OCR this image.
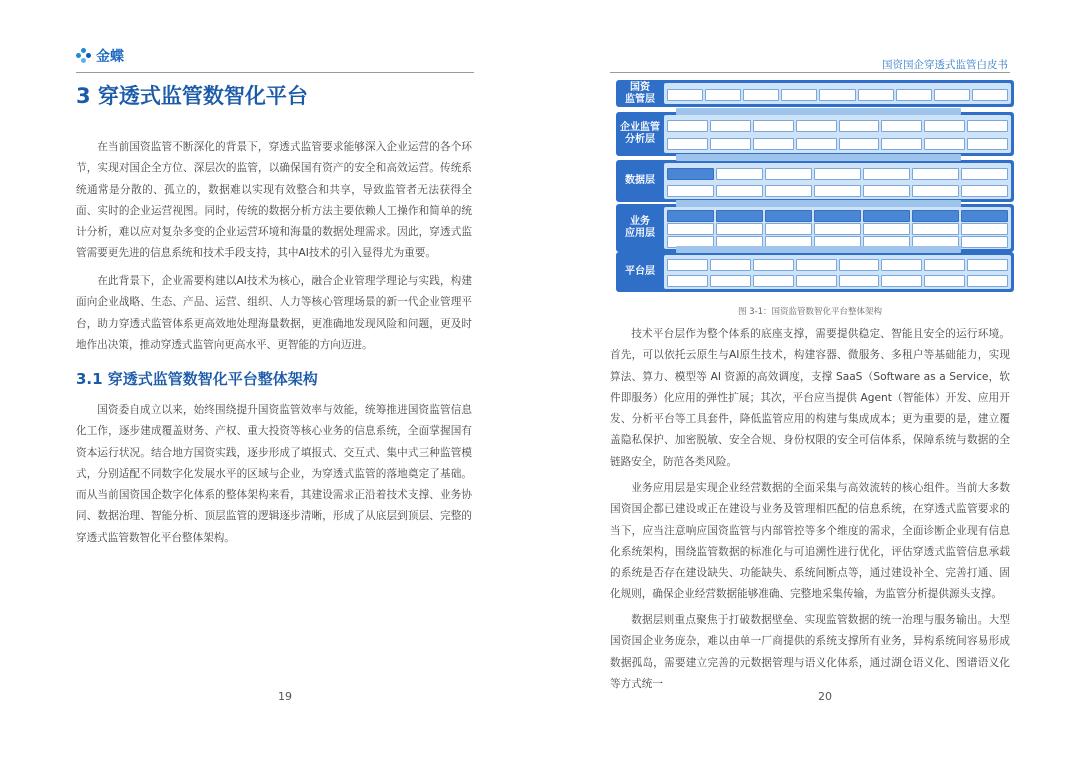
金蝶
3 穿透式监管数智化平台

在当前国资监管不断深化的背景下，穿透式监管要求能够深入企业运营的各个环节，实现对国企全方位、深层次的监管，以确保国有资产的安全和高效运营。传统系统通常是分散的、孤立的，数据难以实现有效整合和共享，导致监管者无法获得全面、实时的企业运营视图。同时，传统的数据分析方法主要依赖人工操作和简单的统计分析，难以应对复杂多变的企业运营环境和海量的数据处理需求。因此，穿透式监管需要更先进的信息系统和技术手段支持，其中AI技术的引入显得尤为重要。

在此背景下，企业需要构建以AI技术为核心，融合企业管理学理论与实践，构建面向企业战略、生态、产品、运营、组织、人力等核心管理场景的新一代企业管理平台，助力穿透式监管体系更高效地处理海量数据，更准确地发现风险和问题，更及时地作出决策，推动穿透式监管向更高水平、更智能的方向迈进。

3.1 穿透式监管数智化平台整体架构

国资委自成立以来，始终围绕提升国资监管效率与效能，统筹推进国资监管信息化工作，逐步建成覆盖财务、产权、重大投资等核心业务的信息系统，全面掌握国有资本运行状况。结合地方国资实践，逐步形成了填报式、交互式、集中式三种监管模式，分别适配不同数字化发展水平的区域与企业，为穿透式监管的落地奠定了基础。而从当前国资国企数字化体系的整体架构来看，其建设需求正沿着技术支撑、业务协同、数据治理、智能分析、顶层监管的逻辑逐步清晰，形成了从底层到顶层、完整的穿透式监管数智化平台整体架构。

19
国资国企穿透式监管白皮书
国资
监管层
企业监管
分析层
数据层
业务
应用层
平台层
图 3-1：国资监管数智化平台整体架构

技术平台层作为整个体系的底座支撑，需要提供稳定、智能且安全的运行环境。首先，可以依托云原生与AI原生技术，构建容器、微服务、多租户等基础能力，实现算法、算力、模型等 AI 资源的高效调度，支撑 SaaS（Software as a Service，软件即服务）化应用的弹性扩展；其次，平台应当提供 Agent（智能体）开发、应用开发、分析平台等工具套件，降低监管应用的构建与集成成本；更为重要的是，建立覆盖隐私保护、加密脱敏、安全合规、身份权限的安全可信体系，保障系统与数据的全链路安全，防范各类风险。

业务应用层是实现企业经营数据的全面采集与高效流转的核心组件。当前大多数国资国企都已建设或正在建设与业务及管理相匹配的信息系统，在穿透式监管要求的当下，应当注意响应国资监管与内部管控等多个维度的需求，全面诊断企业现有信息化系统架构，围绕监管数据的标准化与可追溯性进行优化，评估穿透式监管信息承载的系统是否存在建设缺失、功能缺失、系统间断点等，通过建设补全、完善打通、固化规则，确保企业经营数据能够准确、完整地采集传输，为监管分析提供源头支撑。

数据层则重点聚焦于打破数据壁垒、实现监管数据的统一治理与服务输出。大型国资国企业务庞杂，难以由单一厂商提供的系统支撑所有业务，异构系统间容易形成数据孤岛，需要建立完善的元数据管理与语义化体系，通过湖仓语义化、图谱语义化等方式统一

20
